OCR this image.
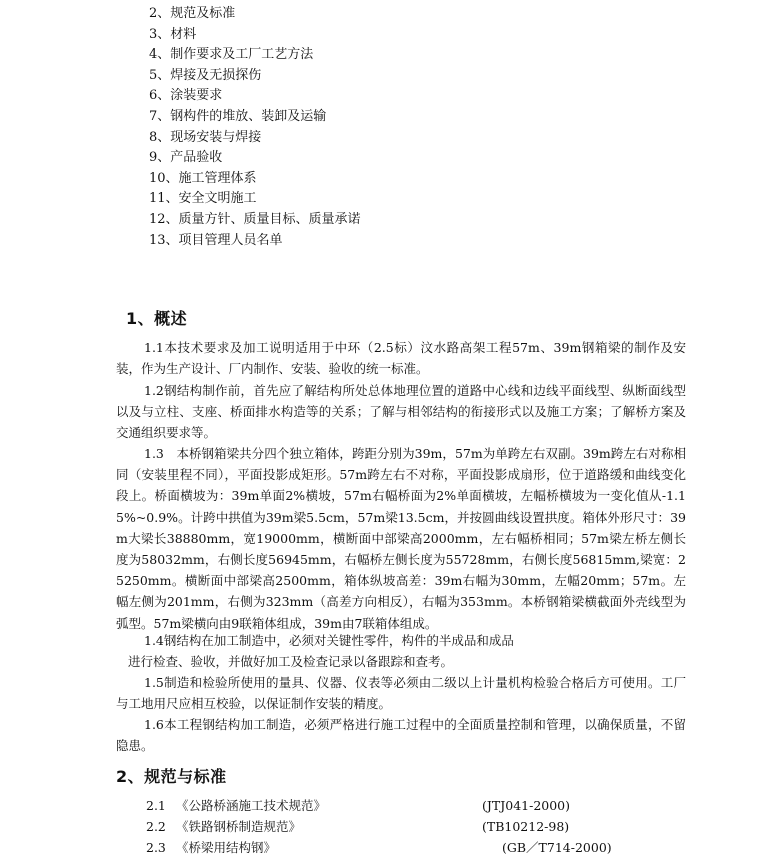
2、规范及标准
3、材料
4、制作要求及工厂工艺方法
5、焊接及无损探伤
6、涂装要求
7、钢构件的堆放、装卸及运输
8、现场安装与焊接
9、产品验收
10、施工管理体系
11、安全文明施工
12、质量方针、质量目标、质量承诺
13、项目管理人员名单
1、概述

1.1本技术要求及加工说明适用于中环（2.5标）汶水路高架工程57m、39m钢箱梁的制作及安装，作为生产设计、厂内制作、安装、验收的统一标准。

1.2钢结构制作前，首先应了解结构所处总体地理位置的道路中心线和边线平面线型、纵断面线型以及与立柱、支座、桥面排水构造等的关系；了解与相邻结构的衔接形式以及施工方案；了解桥方案及交通组织要求等。

1.3　本桥钢箱梁共分四个独立箱体，跨距分别为39m，57m为单跨左右双副。39m跨左右对称相同（安装里程不同），平面投影成矩形。57m跨左右不对称，平面投影成扇形，位于道路缓和曲线变化段上。桥面横坡为：39m单面2%横坡，57m右幅桥面为2%单面横坡，左幅桥横坡为一变化值从-1.15%~0.9%。计跨中拱值为39m梁5.5cm，57m梁13.5cm，并按圆曲线设置拱度。箱体外形尺寸：39m大梁长38880mm，宽19000mm，横断面中部梁高2000mm，左右幅桥相同；57m梁左桥左侧长度为58032mm，右侧长度56945mm，右幅桥左侧长度为55728mm，右侧长度56815mm,梁宽：25250mm。横断面中部梁高2500mm，箱体纵坡高差：39m右幅为30mm，左幅20mm；57m。左幅左侧为201mm，右侧为323mm（高差方向相反），右幅为353mm。本桥钢箱梁横截面外壳线型为弧型。57m梁横向由9联箱体组成，39m由7联箱体组成。

1.4钢结构在加工制造中，必须对关键性零件，构件的半成品和成品

进行检查、验收，并做好加工及检查记录以备跟踪和查考。

1.5制造和检验所使用的量具、仪器、仪表等必须由二级以上计量机构检验合格后方可使用。工厂与工地用尺应相互校验，以保证制作安装的精度。

1.6本工程钢结构加工制造，必须严格进行施工过程中的全面质量控制和管理，以确保质量，不留隐患。

2、规范与标准
2.1 《公路桥涵施工技术规范》	(JTJ041-2000)
2.2 《铁路钢桥制造规范》	(TB10212-98)
2.3 《桥梁用结构钢》	(GB／T714-2000)
